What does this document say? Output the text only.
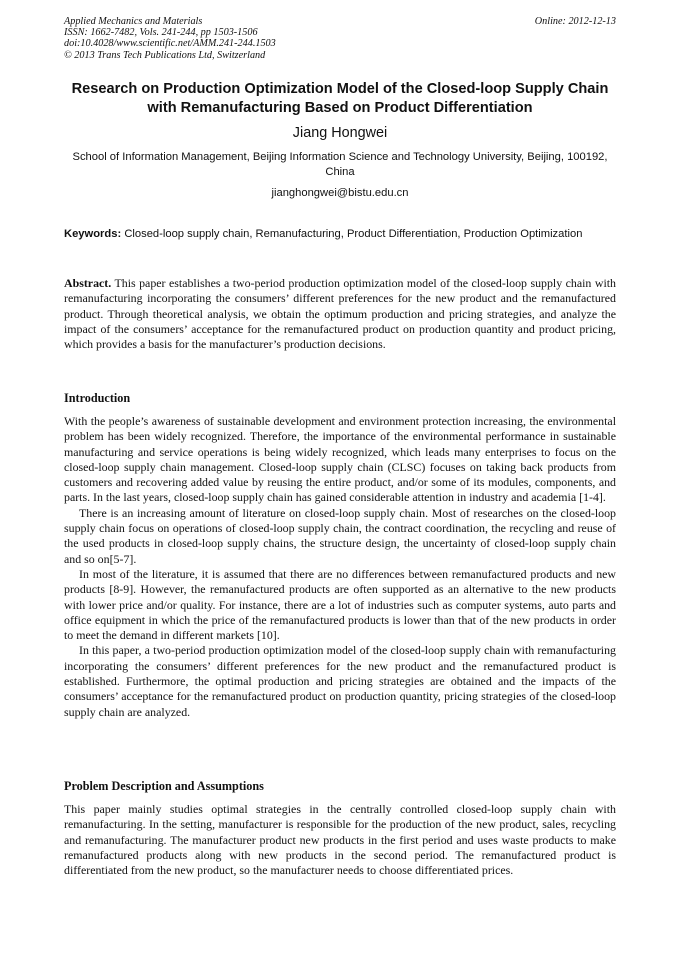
Applied Mechanics and Materials
ISSN: 1662-7482, Vols. 241-244, pp 1503-1506
doi:10.4028/www.scientific.net/AMM.241-244.1503
© 2013 Trans Tech Publications Ltd, Switzerland
Online: 2012-12-13
Research on Production Optimization Model of the Closed-loop Supply Chain with Remanufacturing Based on Product Differentiation
Jiang Hongwei
School of Information Management, Beijing Information Science and Technology University, Beijing, 100192, China
jianghongwei@bistu.edu.cn
Keywords: Closed-loop supply chain, Remanufacturing, Product Differentiation, Production Optimization
Abstract. This paper establishes a two-period production optimization model of the closed-loop supply chain with remanufacturing incorporating the consumers’ different preferences for the new product and the remanufactured product. Through theoretical analysis, we obtain the optimum production and pricing strategies, and analyze the impact of the consumers’ acceptance for the remanufactured product on production quantity and product pricing, which provides a basis for the manufacturer’s production decisions.
Introduction

With the people’s awareness of sustainable development and environment protection increasing, the environmental problem has been widely recognized. Therefore, the importance of the environmental performance in sustainable manufacturing and service operations is being widely recognized, which leads many enterprises to focus on the closed-loop supply chain management. Closed-loop supply chain (CLSC) focuses on taking back products from customers and recovering added value by reusing the entire product, and/or some of its modules, components, and parts. In the last years, closed-loop supply chain has gained considerable attention in industry and academia [1-4].

There is an increasing amount of literature on closed-loop supply chain. Most of researches on the closed-loop supply chain focus on operations of closed-loop supply chain, the contract coordination, the recycling and reuse of the used products in closed-loop supply chains, the structure design, the uncertainty of closed-loop supply chain and so on[5-7].

In most of the literature, it is assumed that there are no differences between remanufactured products and new products [8-9]. However, the remanufactured products are often supported as an alternative to the new products with lower price and/or quality. For instance, there are a lot of industries such as computer systems, auto parts and office equipment in which the price of the remanufactured products is lower than that of the new products in order to meet the demand in different markets [10].

In this paper, a two-period production optimization model of the closed-loop supply chain with remanufacturing incorporating the consumers’ different preferences for the new product and the remanufactured product is established. Furthermore, the optimal production and pricing strategies are obtained and the impacts of the consumers’ acceptance for the remanufactured product on production quantity, pricing strategies of the closed-loop supply chain are analyzed.

Problem Description and Assumptions

This paper mainly studies optimal strategies in the centrally controlled closed-loop supply chain with remanufacturing. In the setting, manufacturer is responsible for the production of the new product, sales, recycling and remanufacturing. The manufacturer product new products in the first period and uses waste products to make remanufactured products along with new products in the second period. The remanufactured product is differentiated from the new product, so the manufacturer needs to choose differentiated prices.
